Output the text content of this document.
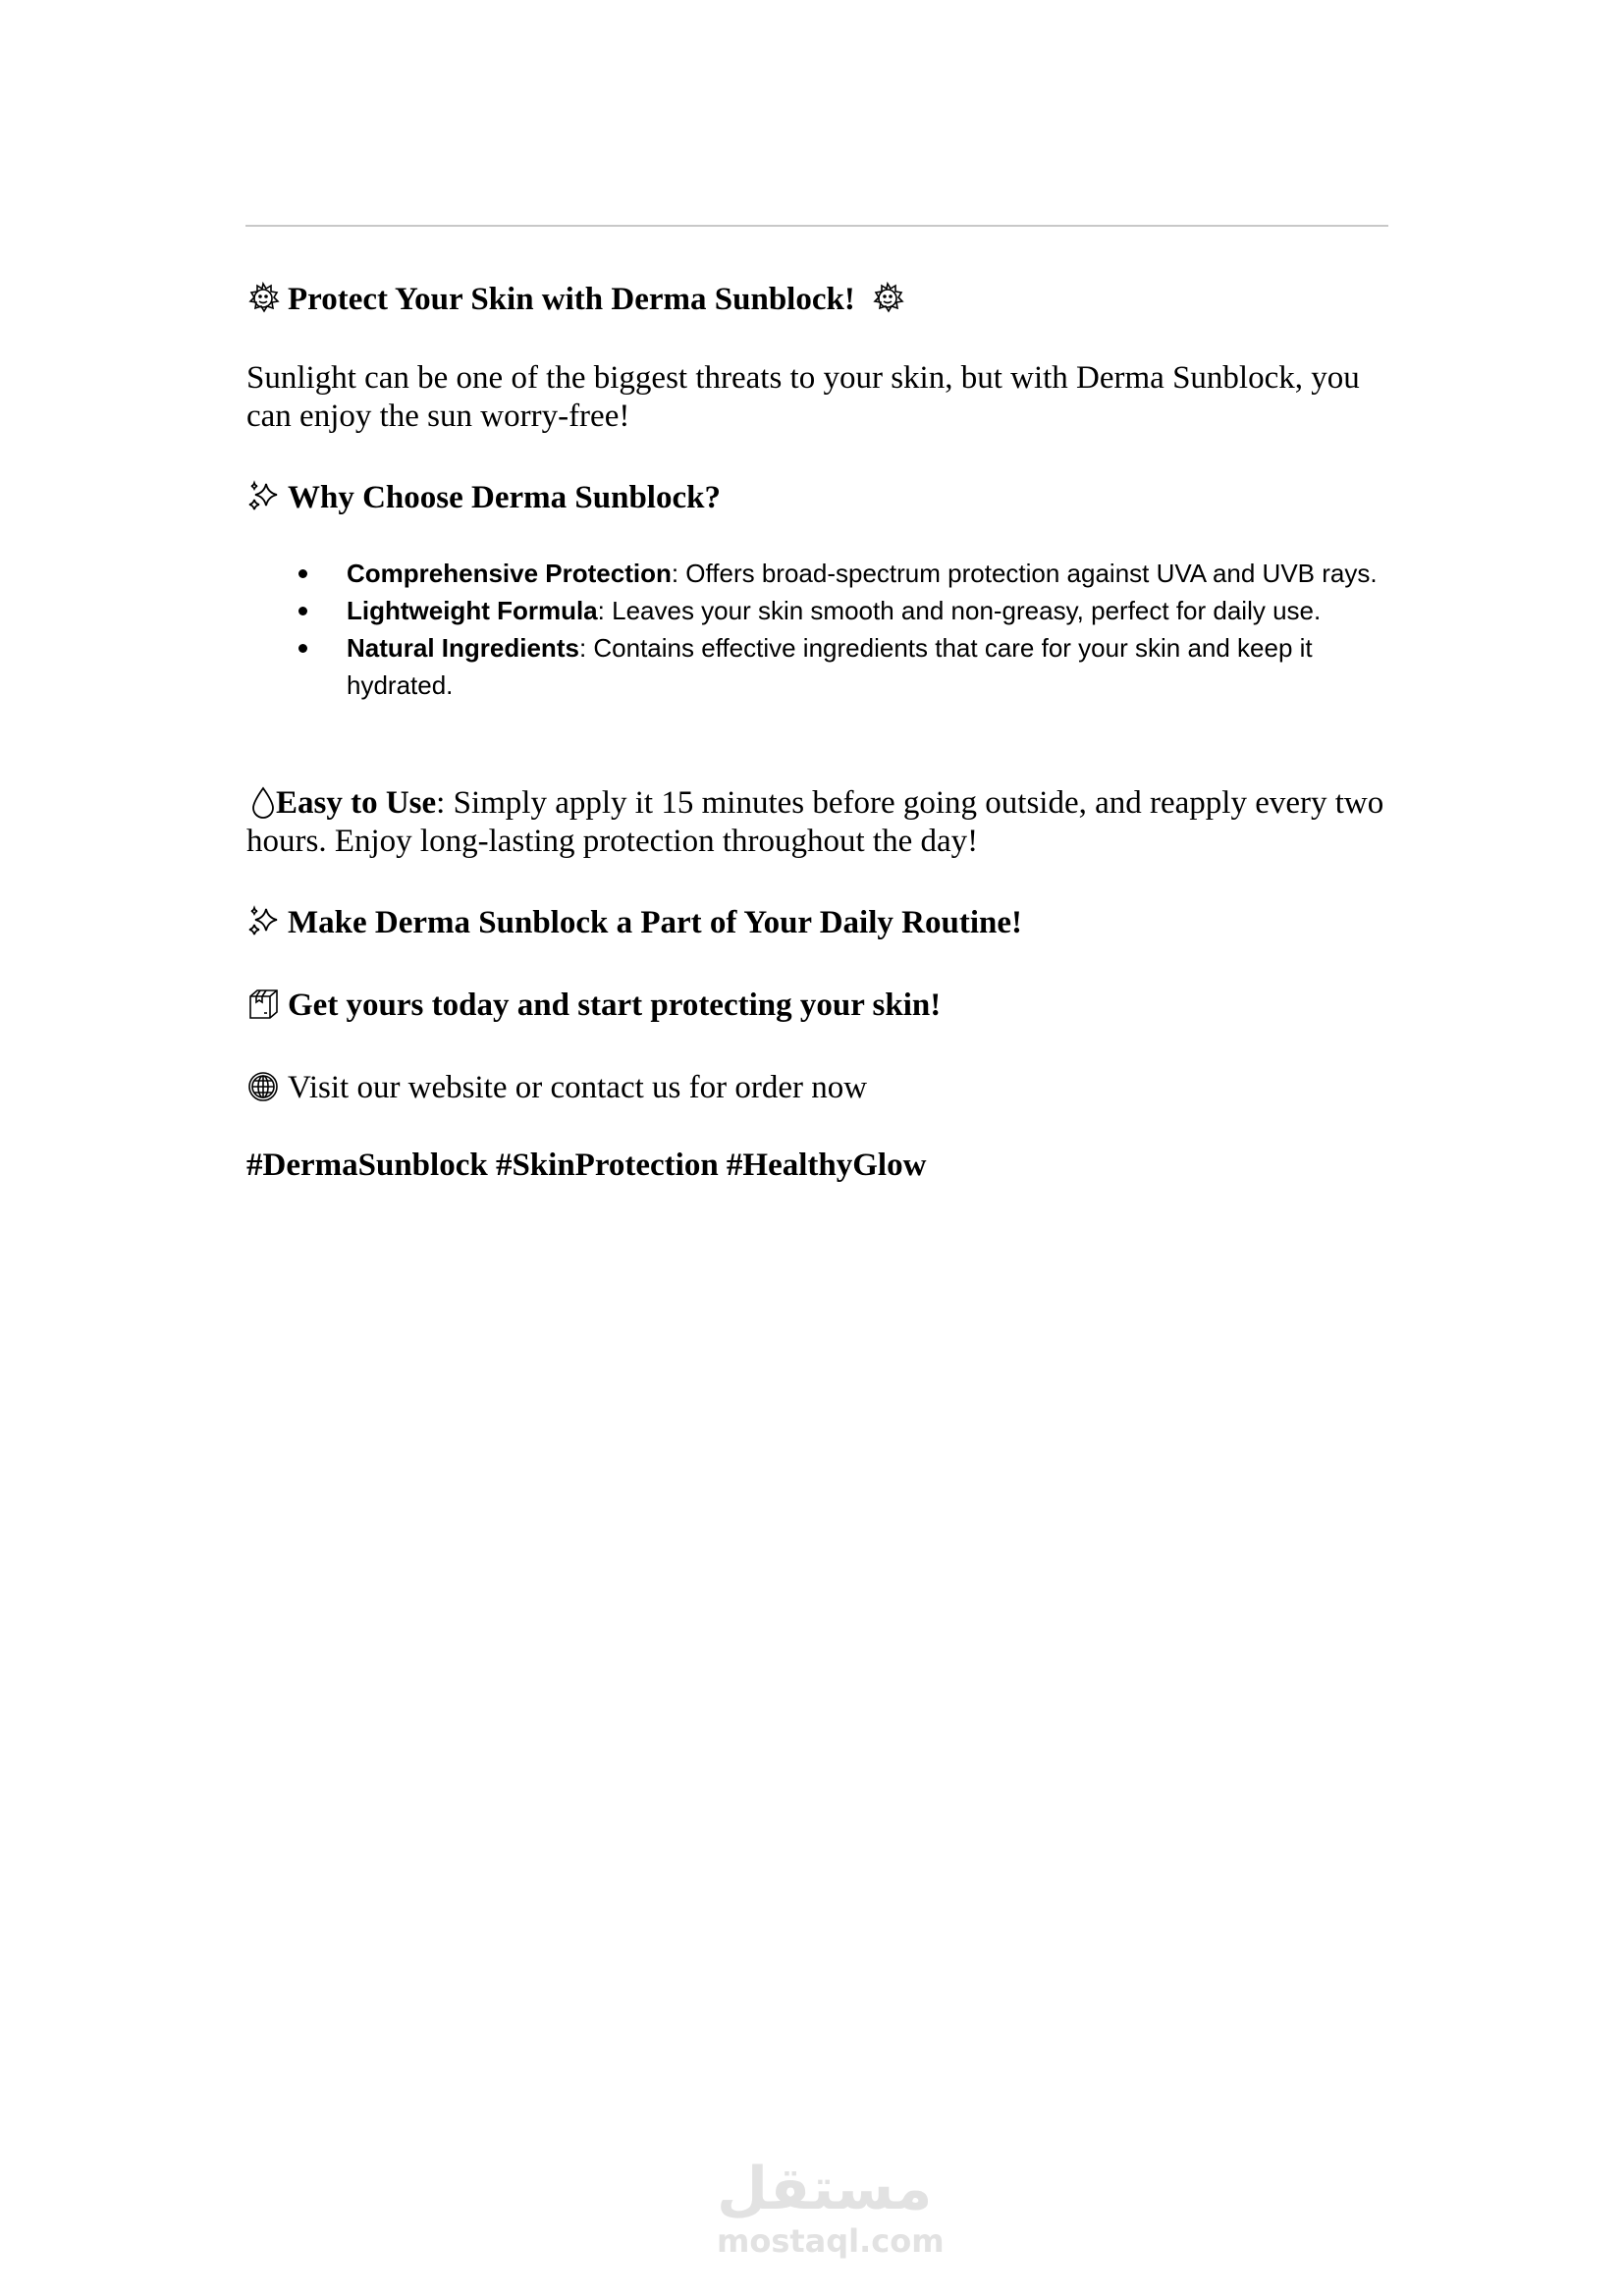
Protect Your Skin with Derma Sunblock!
Sunlight can be one of the biggest threats to your skin, but with Derma Sunblock, you can enjoy the sun worry-free!
Why Choose Derma Sunblock?
Comprehensive Protection: Offers broad-spectrum protection against UVA and UVB rays.
Lightweight Formula: Leaves your skin smooth and non-greasy, perfect for daily use.
Natural Ingredients: Contains effective ingredients that care for your skin and keep it hydrated.
Easy to Use: Simply apply it 15 minutes before going outside, and reapply every two hours. Enjoy long-lasting protection throughout the day!
Make Derma Sunblock a Part of Your Daily Routine!
Get yours today and start protecting your skin!
Visit our website or contact us for order now
#DermaSunblock #SkinProtection #HealthyGlow
مستقل
mostaql.com
